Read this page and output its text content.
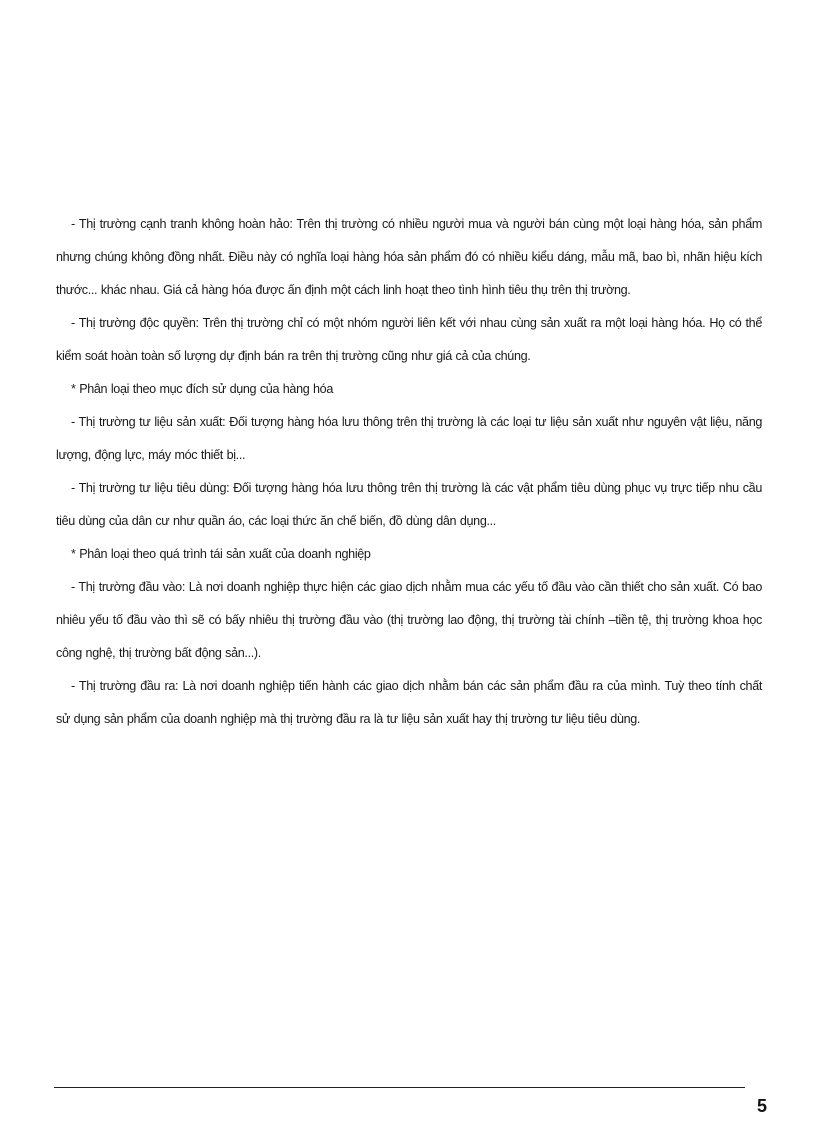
- Thị trường cạnh tranh không hoàn hảo: Trên thị trường có nhiều người mua và người bán cùng một loại hàng hóa, sản phẩm nhưng chúng không đồng nhất. Điều này có nghĩa loại hàng hóa sản phẩm đó có nhiều kiểu dáng, mẫu mã, bao bì, nhãn hiệu kích thước... khác nhau. Giá cả hàng hóa được ấn định một cách linh hoạt theo tình hình tiêu thụ trên thị trường.

- Thị trường độc quyền: Trên thị trường chỉ có một nhóm người liên kết với nhau cùng sản xuất ra một loại hàng hóa. Họ có thể kiểm soát hoàn toàn số lượng dự định bán ra trên thị trường cũng như giá cả của chúng.

* Phân loại theo mục đích sử dụng của hàng hóa

- Thị trường tư liệu sản xuất: Đối tượng hàng hóa lưu thông trên thị trường là các loại tư liệu sản xuất như nguyên vật liệu, năng lượng, động lực, máy móc thiết bị...

- Thị trường tư liệu tiêu dùng: Đối tượng hàng hóa lưu thông trên thị trường là các vật phẩm tiêu dùng phục vụ trực tiếp nhu cầu tiêu dùng của dân cư như quần áo, các loại thức ăn chế biến, đồ dùng dân dụng...

* Phân loại theo quá trình tái sản xuất của doanh nghiệp

- Thị trường đầu vào: Là nơi doanh nghiệp thực hiện các giao dịch nhằm mua các yếu tố đầu vào cần thiết cho sản xuất. Có bao nhiêu yếu tố đầu vào thì sẽ có bấy nhiêu thị trường đầu vào (thị trường lao động, thị trường tài chính –tiền tệ, thị trường khoa học công nghệ, thị trường bất động sản...).

- Thị trường đầu ra: Là nơi doanh nghiệp tiến hành các giao dịch nhằm bán các sản phẩm đầu ra của mình. Tuỳ theo tính chất sử dụng sản phẩm của doanh nghiệp mà thị trường đầu ra là tư liệu sản xuất hay thị trường tư liệu tiêu dùng.

5
